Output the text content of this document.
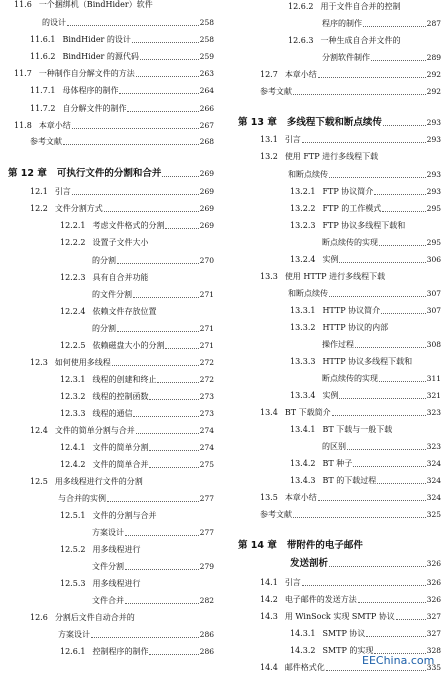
11.6 一个捆绑机（BindHider）软件
的设计	258
11.6.1 BindHider 的设计	258
11.6.2 BindHider 的源代码	259
11.7 一种制作自分解文件的方法	263
11.7.1 母体程序的制作	264
11.7.2 自分解文件的制作	266
11.8 本章小结	267
参考文献	268
第 12 章 可执行文件的分割和合并	269
12.1 引言	269
12.2 文件分割方式	269
12.2.1 考虑文件格式的分割	269
12.2.2 设置子文件大小
的分割	270
12.2.3 具有自合并功能
的文件分割	271
12.2.4 依赖文件存放位置
的分割	271
12.2.5 依赖磁盘大小的分割	271
12.3 如何使用多线程	272
12.3.1 线程的创建和终止	272
12.3.2 线程的控制函数	273
12.3.3 线程的通信	273
12.4 文件的简单分割与合并	274
12.4.1 文件的简单分割	274
12.4.2 文件的简单合并	275
12.5 用多线程进行文件的分割
与合并的实例	277
12.5.1 文件的分割与合并
方案设计	277
12.5.2 用多线程进行
文件分割	279
12.5.3 用多线程进行
文件合并	282
12.6 分割后文件自动合并的
方案设计	286
12.6.1 控制程序的制作	286
12.6.2 用于文件自合并的控制
程序的制作	287
12.6.3 一种生成自合并文件的
分割软件制作	289
12.7 本章小结	292
参考文献	292
第 13 章 多线程下载和断点续传	293
13.1 引言	293
13.2 使用 FTP 进行多线程下载
和断点续传	293
13.2.1 FTP 协议简介	293
13.2.2 FTP 的工作模式	295
13.2.3 FTP 协议多线程下载和
断点续传的实现	295
13.2.4 实例	306
13.3 使用 HTTP 进行多线程下载
和断点续传	307
13.3.1 HTTP 协议简介	307
13.3.2 HTTP 协议的内部
操作过程	308
13.3.3 HTTP 协议多线程下载和
断点续传的实现	311
13.3.4 实例	321
13.4 BT 下载简介	323
13.4.1 BT 下载与一般下载
的区别	323
13.4.2 BT 种子	324
13.4.3 BT 的下载过程	324
13.5 本章小结	324
参考文献	325
第 14 章 带附件的电子邮件
发送剖析	326
14.1 引言	326
14.2 电子邮件的发送方法	326
14.3 用 WinSock 实现 SMTP 协议	327
14.3.1 SMTP 协议	327
14.3.2 SMTP 的实现	328
14.4 邮件格式化	335
EEChina.com
